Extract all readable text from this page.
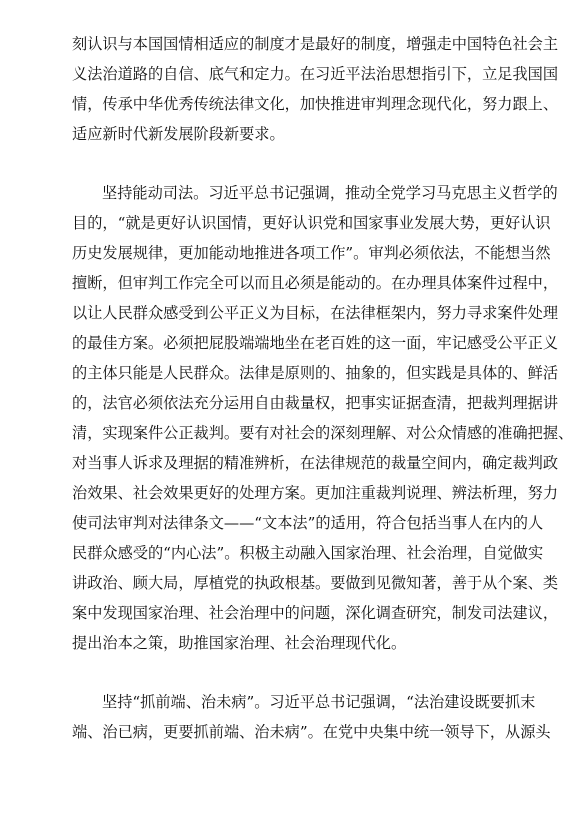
刻认识与本国国情相适应的制度才是最好的制度，增强走中国特色社会主
义法治道路的自信、底气和定力。在习近平法治思想指引下，立足我国国
情，传承中华优秀传统法律文化，加快推进审判理念现代化，努力跟上、
适应新时代新发展阶段新要求。
坚持能动司法。习近平总书记强调，推动全党学习马克思主义哲学的
目的，“就是更好认识国情，更好认识党和国家事业发展大势，更好认识
历史发展规律，更加能动地推进各项工作”。审判必须依法，不能想当然
擅断，但审判工作完全可以而且必须是能动的。在办理具体案件过程中，
以让人民群众感受到公平正义为目标，在法律框架内，努力寻求案件处理
的最佳方案。必须把屁股端端地坐在老百姓的这一面，牢记感受公平正义
的主体只能是人民群众。法律是原则的、抽象的，但实践是具体的、鲜活
的，法官必须依法充分运用自由裁量权，把事实证据查清，把裁判理据讲
清，实现案件公正裁判。要有对社会的深刻理解、对公众情感的准确把握、
对当事人诉求及理据的精准辨析，在法律规范的裁量空间内，确定裁判政
治效果、社会效果更好的处理方案。更加注重裁判说理、辨法析理，努力
使司法审判对法律条文——“文本法”的适用，符合包括当事人在内的人
民群众感受的“内心法”。积极主动融入国家治理、社会治理，自觉做实
讲政治、顾大局，厚植党的执政根基。要做到见微知著，善于从个案、类
案中发现国家治理、社会治理中的问题，深化调查研究，制发司法建议，
提出治本之策，助推国家治理、社会治理现代化。
坚持“抓前端、治未病”。习近平总书记强调，“法治建设既要抓末
端、治已病，更要抓前端、治未病”。在党中央集中统一领导下，从源头
